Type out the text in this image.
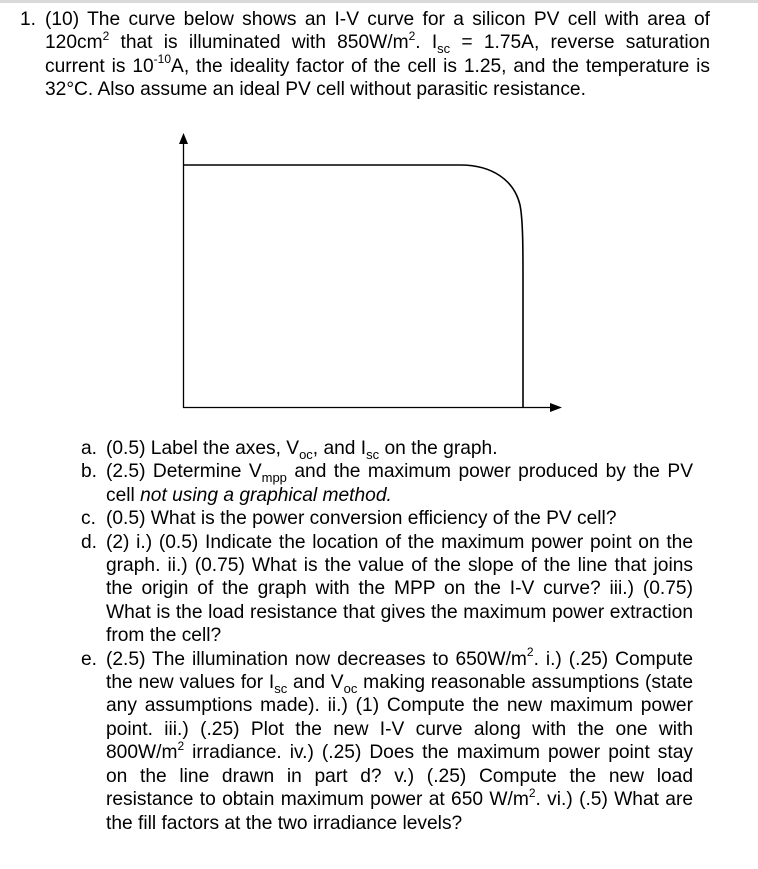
1. (10) The curve below shows an I-V curve for a silicon PV cell with area of $120cm^2$ that is illuminated with $850W/m^2$. $I_{sc} = 1.75A$, reverse saturation current is $10^{-10}A$, the ideality factor of the cell is 1.25, and the temperature is 32°C. Also assume an ideal PV cell without parasitic resistance.
a. (0.5) Label the axes, $V_{oc}$, and $I_{sc}$ on the graph.
b. (2.5) Determine $V_{mpp}$ and the maximum power produced by the PV cell not using a graphical method.
c. (0.5) What is the power conversion efficiency of the PV cell?
d. (2) i.) (0.5) Indicate the location of the maximum power point on the graph. ii.) (0.75) What is the value of the slope of the line that joins the origin of the graph with the MPP on the I-V curve? iii.) (0.75) What is the load resistance that gives the maximum power extraction from the cell?
e. (2.5) The illumination now decreases to $650W/m^2$. i.) (.25) Compute the new values for $I_{sc}$ and $V_{oc}$ making reasonable assumptions (state any assumptions made). ii.) (1) Compute the new maximum power point. iii.) (.25) Plot the new I-V curve along with the one with $800W/m^2$ irradiance. iv.) (.25) Does the maximum power point stay on the line drawn in part d? v.) (.25) Compute the new load resistance to obtain maximum power at 650 $W/m^2$. vi.) (.5) What are the fill factors at the two irradiance levels?
